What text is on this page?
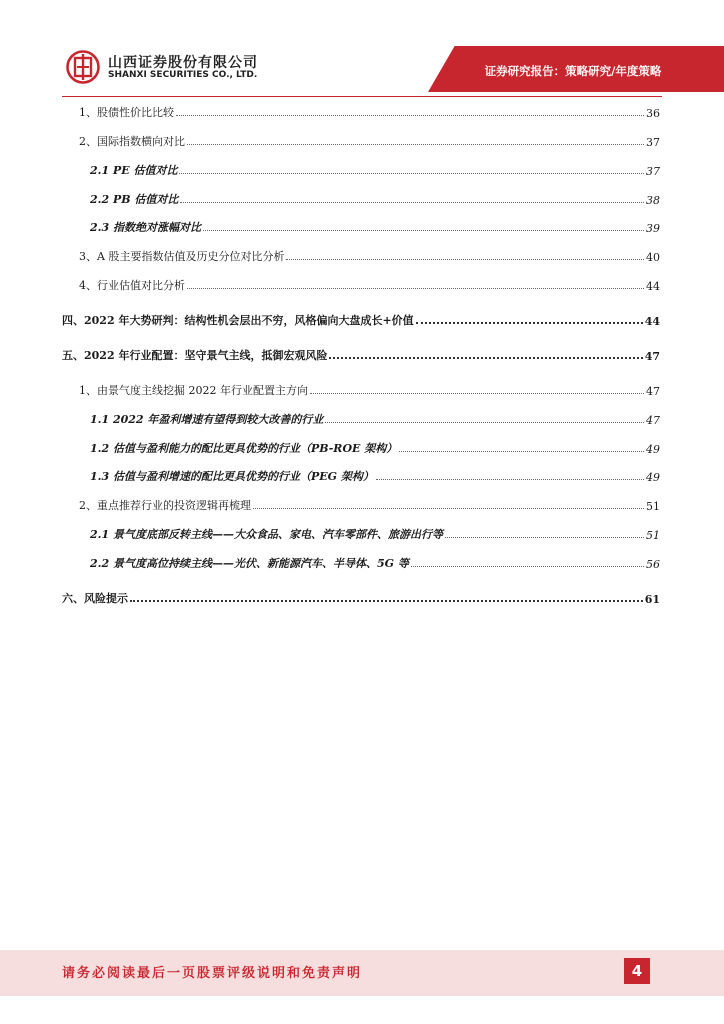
山西证券股份有限公司
SHANXI SECURITIES CO., LTD.	证券研究报告：策略研究/年度策略
1、股债性价比比较	36
2、国际指数横向对比	37
2.1 PE 估值对比	37
2.2 PB 估值对比	38
2.3 指数绝对涨幅对比	39
3、A 股主要指数估值及历史分位对比分析	40
4、行业估值对比分析	44
四、2022 年大势研判：结构性机会层出不穷，风格偏向大盘成长+价值	44
五、2022 年行业配置：坚守景气主线，抵御宏观风险	47
1、由景气度主线挖掘 2022 年行业配置主方向	47
1.1 2022 年盈利增速有望得到较大改善的行业	47
1.2 估值与盈利能力的配比更具优势的行业（PB-ROE 架构）	49
1.3 估值与盈利增速的配比更具优势的行业（PEG 架构）	49
2、重点推荐行业的投资逻辑再梳理	51
2.1 景气度底部反转主线——大众食品、家电、汽车零部件、旅游出行等	51
2.2 景气度高位持续主线——光伏、新能源汽车、半导体、5G 等	56
六、风险提示	61
请务必阅读最后一页股票评级说明和免责声明	4
